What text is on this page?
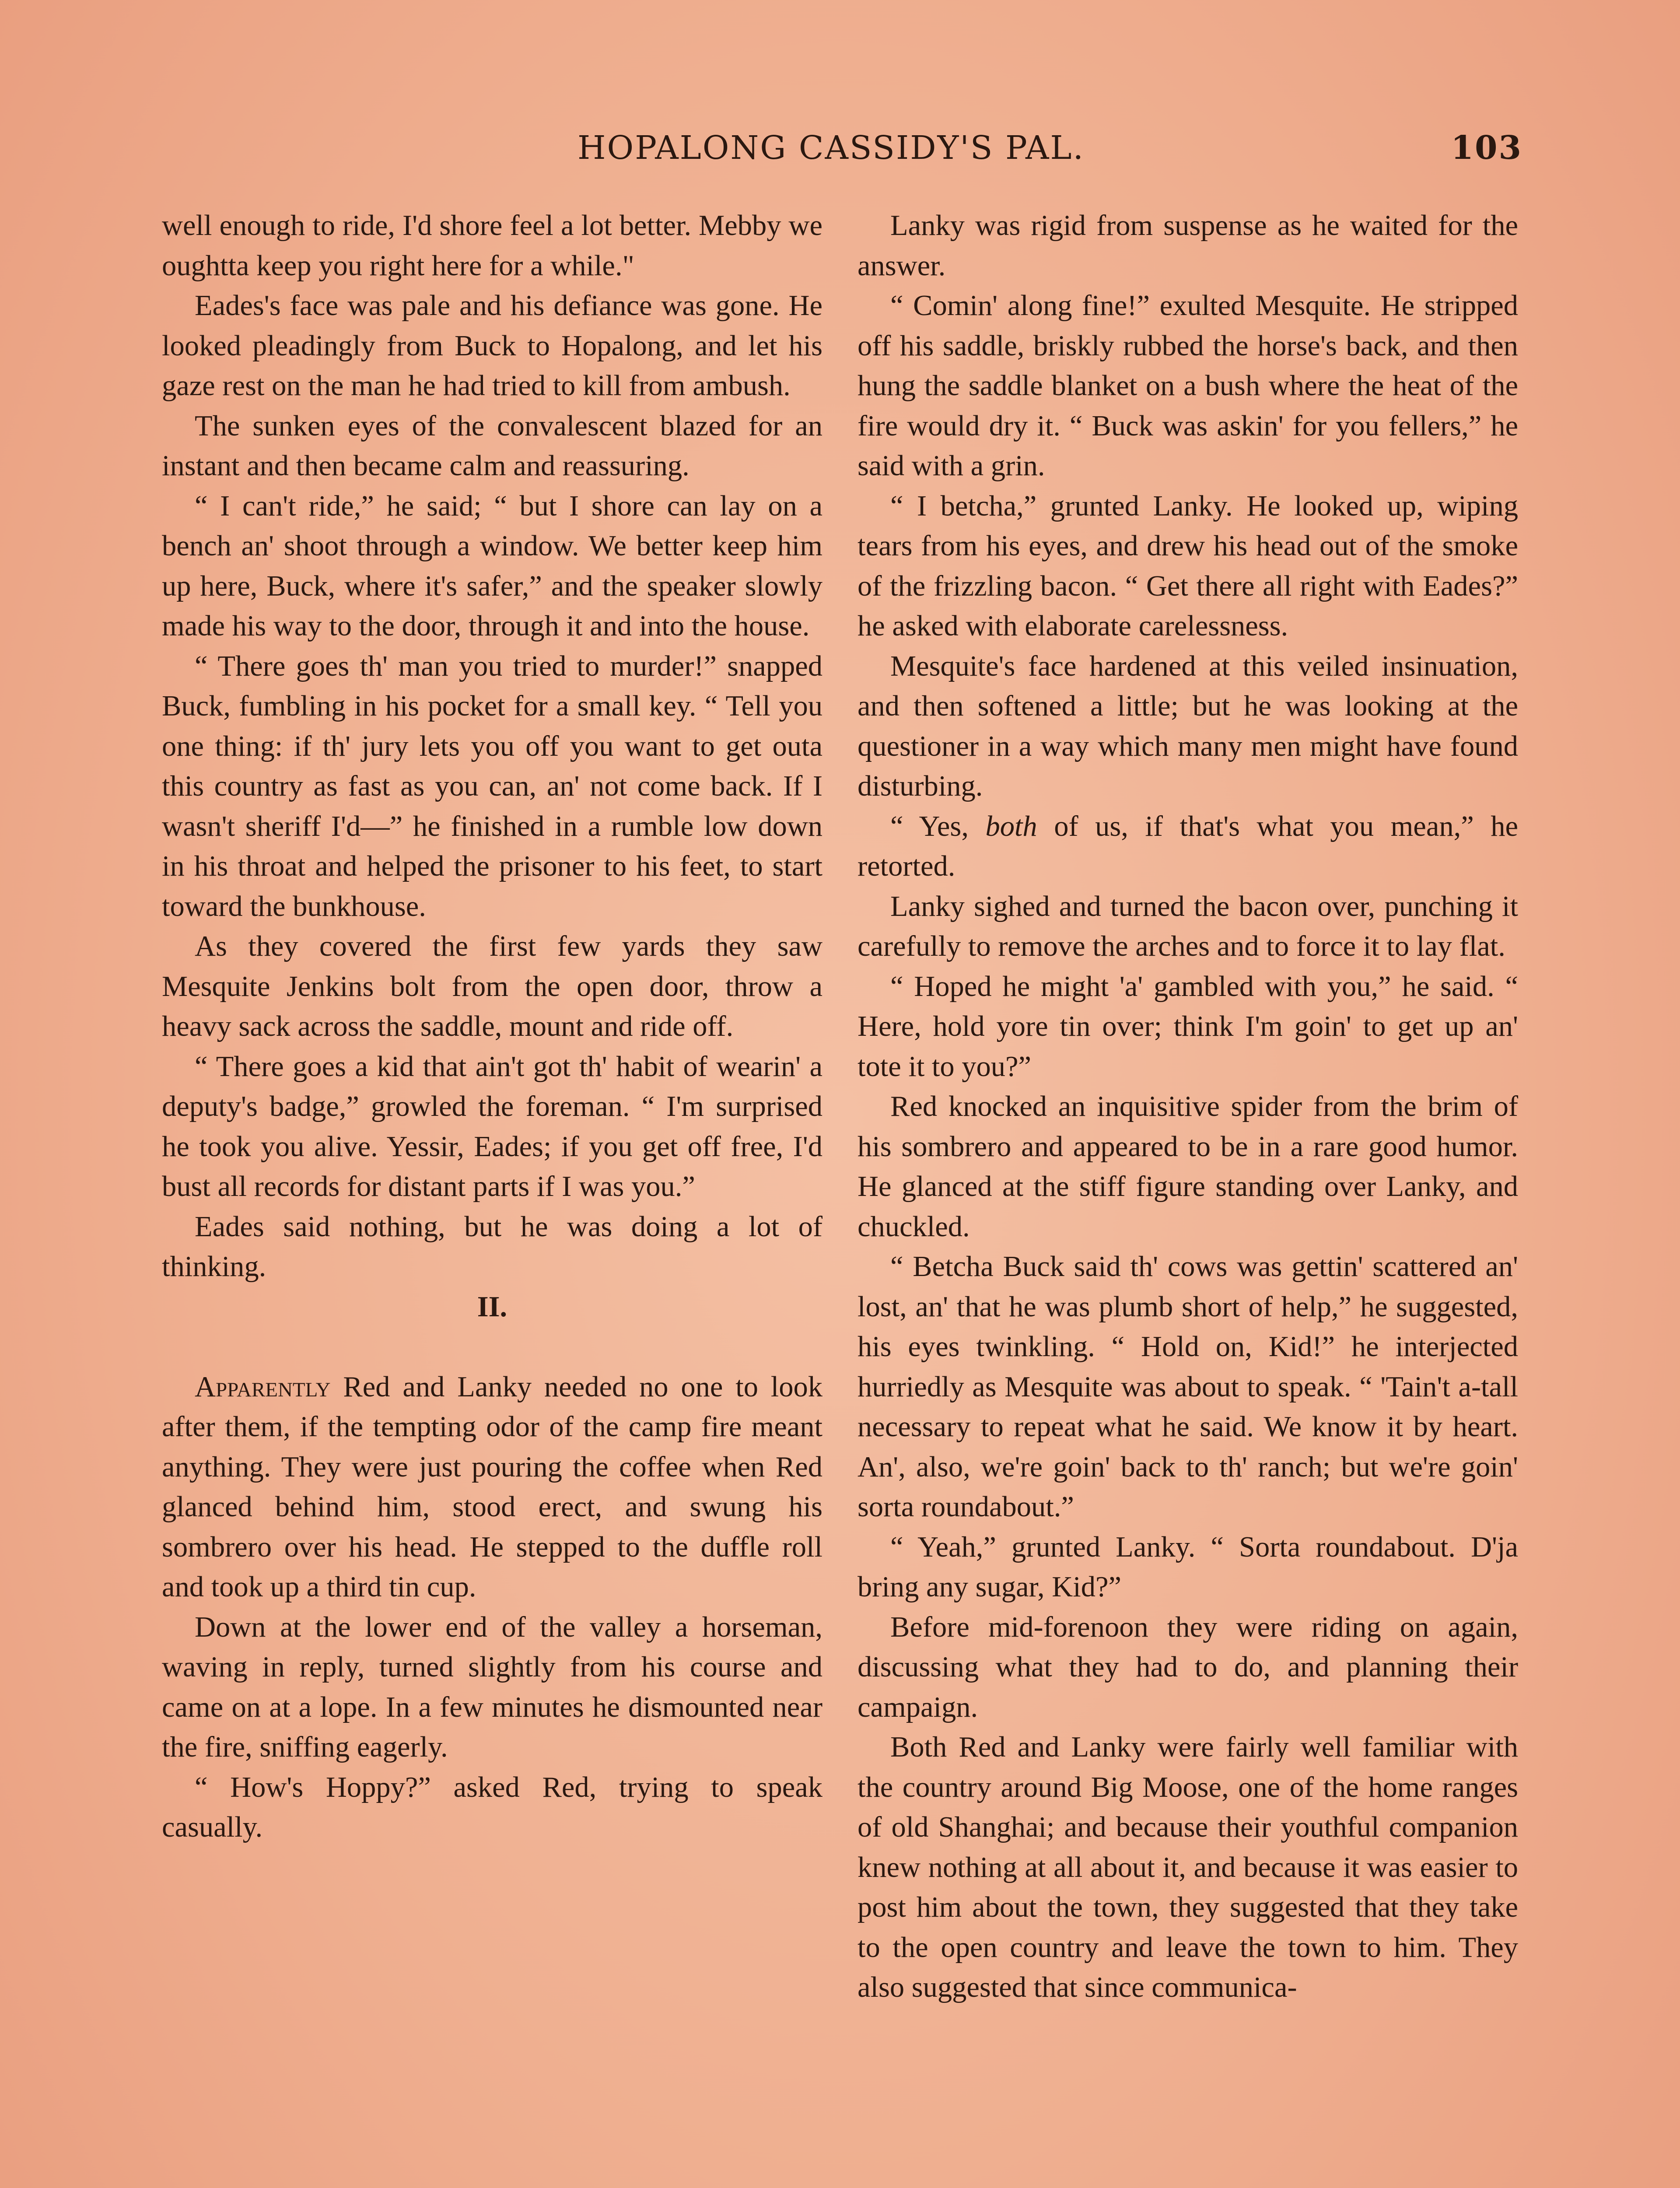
HOPALONG CASSIDY'S PAL.	103

well enough to ride, I'd shore feel a lot better. Mebby we oughtta keep you right here for a while."

Eades's face was pale and his defiance was gone. He looked pleadingly from Buck to Hopalong, and let his gaze rest on the man he had tried to kill from ambush.

The sunken eyes of the convalescent blazed for an instant and then became calm and reassuring.

“ I can't ride,” he said; “ but I shore can lay on a bench an' shoot through a window. We better keep him up here, Buck, where it's safer,” and the speaker slowly made his way to the door, through it and into the house.

“ There goes th' man you tried to murder!” snapped Buck, fumbling in his pocket for a small key. “ Tell you one thing: if th' jury lets you off you want to get outa this country as fast as you can, an' not come back. If I wasn't sheriff I'd—” he finished in a rumble low down in his throat and helped the prisoner to his feet, to start toward the bunkhouse.

As they covered the first few yards they saw Mesquite Jenkins bolt from the open door, throw a heavy sack across the saddle, mount and ride off.

“ There goes a kid that ain't got th' habit of wearin' a deputy's badge,” growled the foreman. “ I'm surprised he took you alive. Yessir, Eades; if you get off free, I'd bust all records for distant parts if I was you.”

Eades said nothing, but he was doing a lot of thinking.

II.

Apparently Red and Lanky needed no one to look after them, if the tempting odor of the camp fire meant anything. They were just pouring the coffee when Red glanced behind him, stood erect, and swung his sombrero over his head. He stepped to the duffle roll and took up a third tin cup.

Down at the lower end of the valley a horseman, waving in reply, turned slightly from his course and came on at a lope. In a few minutes he dismounted near the fire, sniffing eagerly.

“ How's Hoppy?” asked Red, trying to speak casually.

Lanky was rigid from suspense as he waited for the answer.

“ Comin' along fine!” exulted Mesquite. He stripped off his saddle, briskly rubbed the horse's back, and then hung the saddle blanket on a bush where the heat of the fire would dry it. “ Buck was askin' for you fellers,” he said with a grin.

“ I betcha,” grunted Lanky. He looked up, wiping tears from his eyes, and drew his head out of the smoke of the frizzling bacon. “ Get there all right with Eades?” he asked with elaborate carelessness.

Mesquite's face hardened at this veiled insinuation, and then softened a little; but he was looking at the questioner in a way which many men might have found disturbing.

“ Yes, both of us, if that's what you mean,” he retorted.

Lanky sighed and turned the bacon over, punching it carefully to remove the arches and to force it to lay flat.

“ Hoped he might 'a' gambled with you,” he said. “ Here, hold yore tin over; think I'm goin' to get up an' tote it to you?”

Red knocked an inquisitive spider from the brim of his sombrero and appeared to be in a rare good humor. He glanced at the stiff figure standing over Lanky, and chuckled.

“ Betcha Buck said th' cows was gettin' scattered an' lost, an' that he was plumb short of help,” he suggested, his eyes twinkling. “ Hold on, Kid!” he interjected hurriedly as Mesquite was about to speak. “ 'Tain't a-tall necessary to repeat what he said. We know it by heart. An', also, we're goin' back to th' ranch; but we're goin' sorta roundabout.”

“ Yeah,” grunted Lanky. “ Sorta roundabout. D'ja bring any sugar, Kid?”

Before mid-forenoon they were riding on again, discussing what they had to do, and planning their campaign.

Both Red and Lanky were fairly well familiar with the country around Big Moose, one of the home ranges of old Shanghai; and because their youthful companion knew nothing at all about it, and because it was easier to post him about the town, they suggested that they take to the open country and leave the town to him. They also suggested that since communica-
